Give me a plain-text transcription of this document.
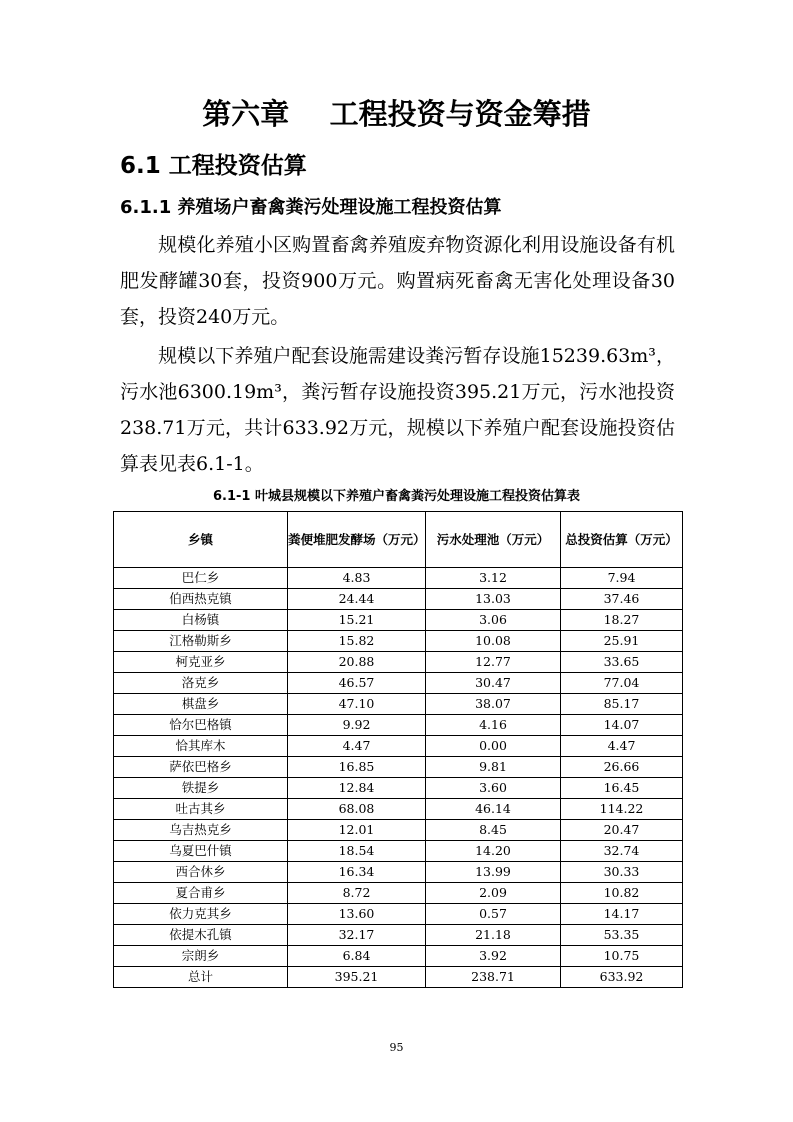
第六章    工程投资与资金筹措
6.1 工程投资估算
6.1.1 养殖场户畜禽粪污处理设施工程投资估算
规模化养殖小区购置畜禽养殖废弃物资源化利用设施设备有机肥发酵罐30套，投资900万元。购置病死畜禽无害化处理设备30套，投资240万元。
规模以下养殖户配套设施需建设粪污暂存设施15239.63m³，污水池6300.19m³，粪污暂存设施投资395.21万元，污水池投资238.71万元，共计633.92万元，规模以下养殖户配套设施投资估算表见表6.1-1。
6.1-1 叶城县规模以下养殖户畜禽粪污处理设施工程投资估算表
乡镇	粪便堆肥发酵场（万元）	污水处理池（万元）	总投资估算（万元）
巴仁乡	4.83	3.12	7.94
伯西热克镇	24.44	13.03	37.46
白杨镇	15.21	3.06	18.27
江格勒斯乡	15.82	10.08	25.91
柯克亚乡	20.88	12.77	33.65
洛克乡	46.57	30.47	77.04
棋盘乡	47.10	38.07	85.17
恰尔巴格镇	9.92	4.16	14.07
恰其库木	4.47	0.00	4.47
萨依巴格乡	16.85	9.81	26.66
铁提乡	12.84	3.60	16.45
吐古其乡	68.08	46.14	114.22
乌吉热克乡	12.01	8.45	20.47
乌夏巴什镇	18.54	14.20	32.74
西合休乡	16.34	13.99	30.33
夏合甫乡	8.72	2.09	10.82
依力克其乡	13.60	0.57	14.17
依提木孔镇	32.17	21.18	53.35
宗朗乡	6.84	3.92	10.75
总计	395.21	238.71	633.92
95
